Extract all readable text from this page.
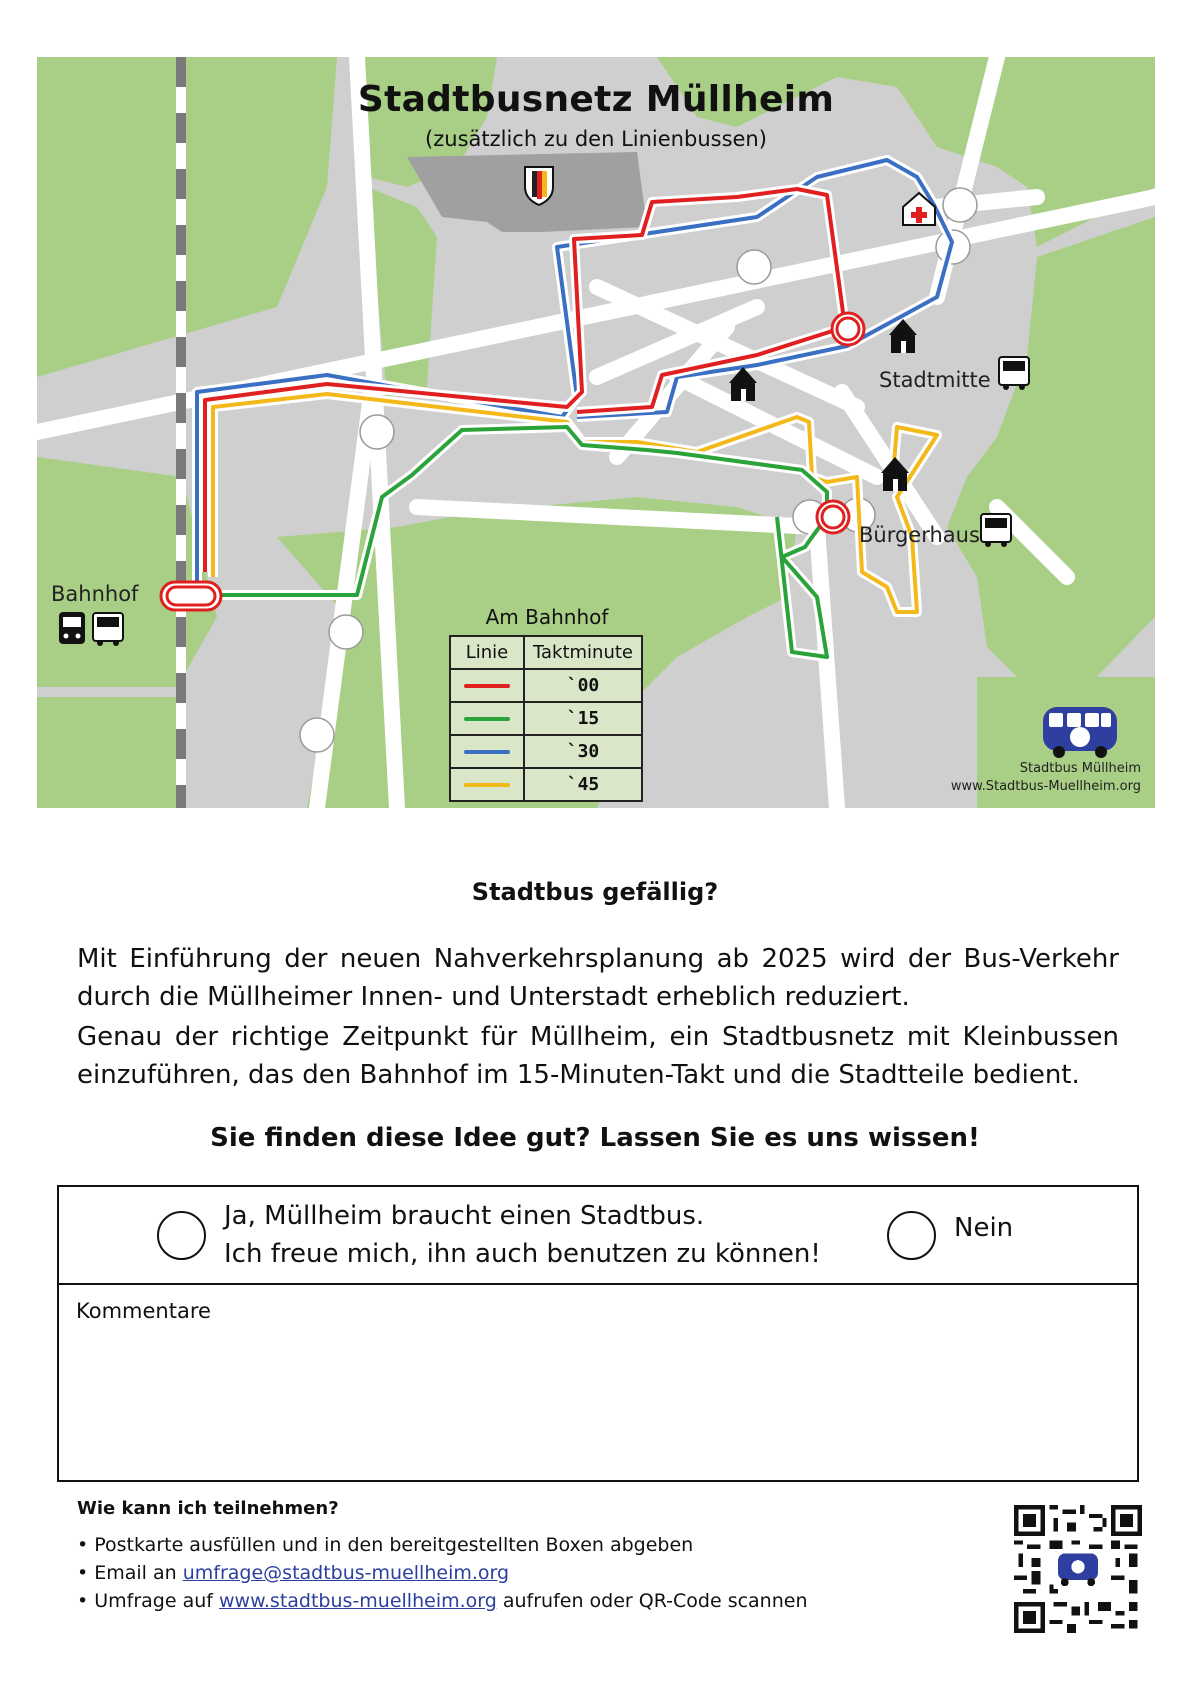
Stadtbusnetz Müllheim
(zusätzlich zu den Linienbussen)
Bahnhof
Stadtmitte
Bürgerhaus
Am Bahnhof
Linie	Taktminute

	`00

	`15

	`30

	`45
Stadtbus Müllheim
www.Stadtbus-Muellheim.org
Stadtbus gefällig?
Mit Einführung der neuen Nahverkehrsplanung ab 2025 wird der Bus-Verkehr durch die Müllheimer Innen- und Unterstadt erheblich reduziert.
Genau der richtige Zeitpunkt für Müllheim, ein Stadtbusnetz mit Kleinbussen einzuführen, das den Bahnhof im 15-Minuten-Takt und die Stadtteile bedient.
Sie finden diese Idee gut? Lassen Sie es uns wissen!
Ja, Müllheim braucht einen Stadtbus.
Ich freue mich, ihn auch benutzen zu können!
Nein
Kommentare
Wie kann ich teilnehmen?
• Postkarte ausfüllen und in den bereitgestellten Boxen abgeben
• Email an umfrage@stadtbus-muellheim.org
• Umfrage auf www.stadtbus-muellheim.org aufrufen oder QR-Code scannen
